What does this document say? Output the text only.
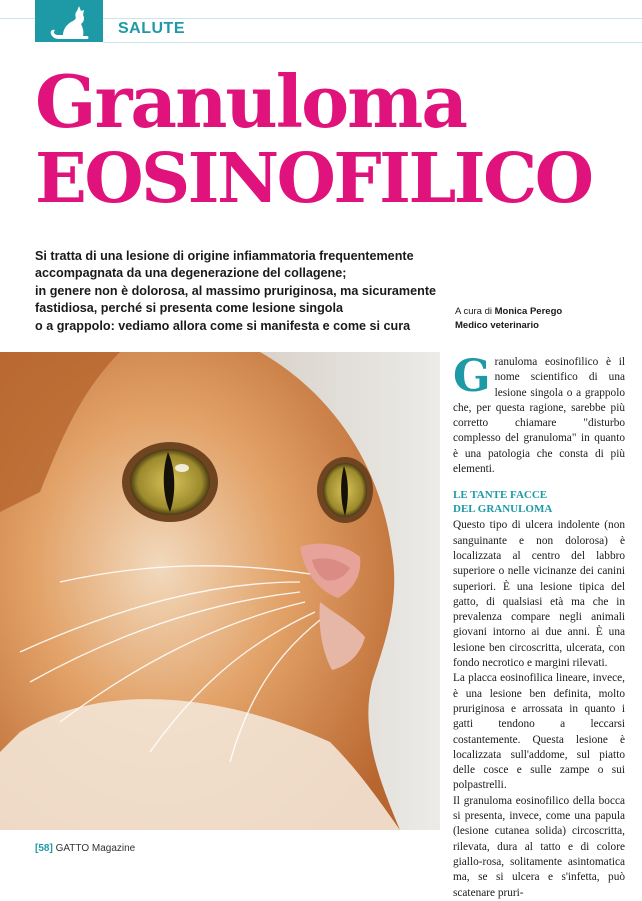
SALUTE
Granuloma
EOSINOFILICO

Si tratta di una lesione di origine infiammatoria frequentemente

accompagnata da una degenerazione del collagene;

in genere non è dolorosa, al massimo pruriginosa, ma sicuramente

fastidiosa, perché si presenta come lesione singola

o a grappolo: vediamo allora come si manifesta e come si cura

A cura di Monica Perego
Medico veterinario

Granuloma eosinofilico è il nome scientifico di una lesione singola o a grappolo che, per questa ragione, sarebbe più corretto chiamare "disturbo complesso del granuloma" in quanto è una patologia che consta di più elementi.

LE TANTE FACCE
DEL GRANULOMA

Questo tipo di ulcera indolente (non sanguinante e non dolorosa) è localizzata al centro del labbro superiore o nelle vicinanze dei canini superiori. È una lesione tipica del gatto, di qualsiasi età ma che in prevalenza compare negli animali giovani intorno ai due anni. È una lesione ben circoscritta, ulcerata, con fondo necrotico e margini rilevati.

La placca eosinofilica lineare, invece, è una lesione ben definita, molto pruriginosa e arrossata in quanto i gatti tendono a leccarsi costantemente. Questa lesione è localizzata sull'addome, sul piatto delle cosce e sulle zampe o sui polpastrelli.

Il granuloma eosinofilico della bocca si presenta, invece, come una papula (lesione cutanea solida) circoscritta, rilevata, dura al tatto e di colore giallo-rosa, solitamente asintomatica ma, se si ulcera e s'infetta, può scatenare pruri-

[58] GATTO Magazine
